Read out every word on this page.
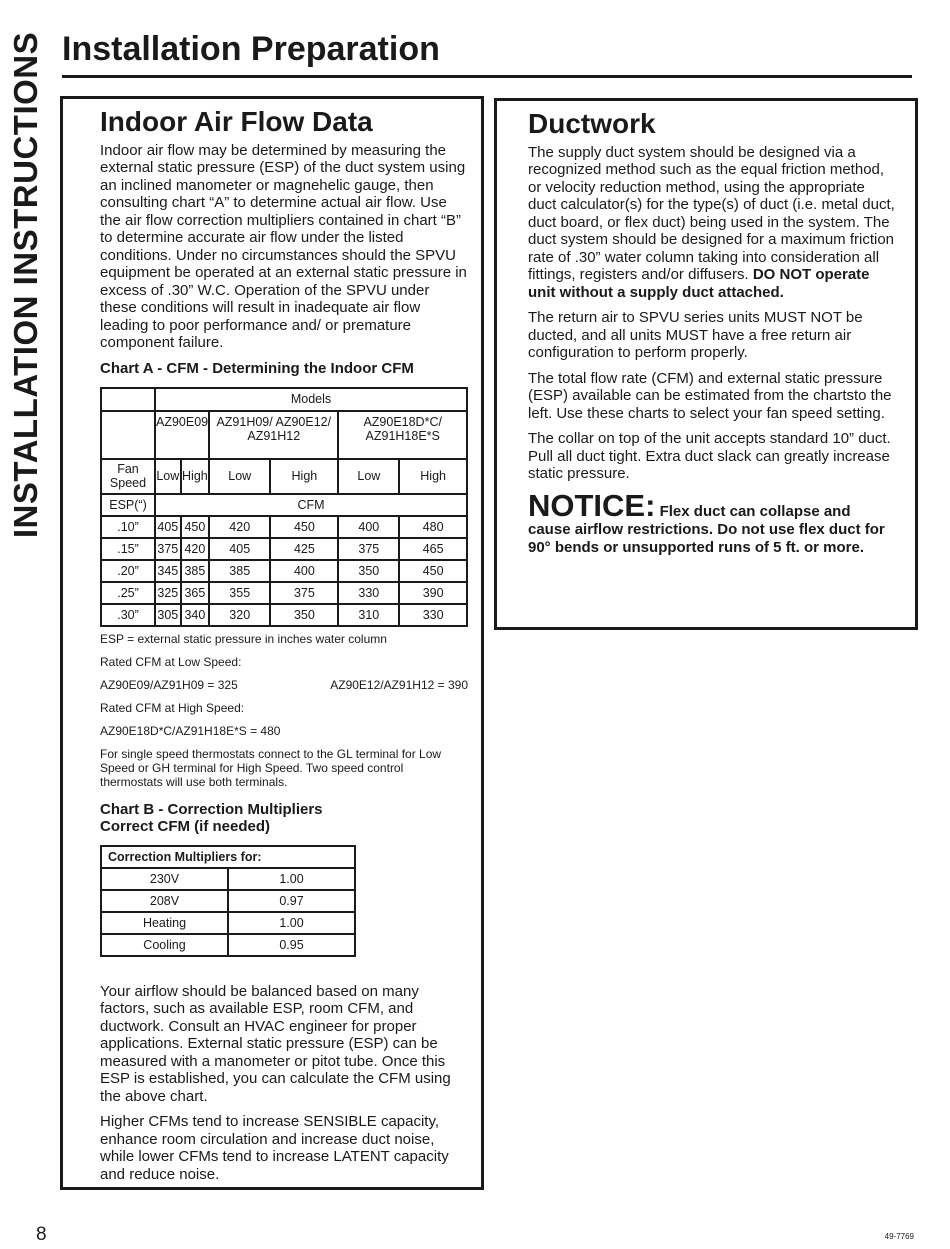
INSTALLATION INSTRUCTIONS Installation Preparation
Indoor Air Flow Data

Indoor air flow may be determined by measuring the external static pressure (ESP) of the duct system using an inclined manometer or magnehelic gauge, then consulting chart “A” to determine actual air flow. Use the air flow correction multipliers contained in chart “B” to determine accurate air flow under the listed conditions. Under no circumstances should the SPVU equipment be operated at an external static pressure in excess of .30” W.C. Operation of the SPVU under these conditions will result in inadequate air flow leading to poor performance and/ or premature component failure.

Chart A - CFM - Determining the Indoor CFM
	Models					
	AZ90E09		AZ91H09/ AZ90E12/ AZ91H12		AZ90E18D*C/ AZ91H18E*S	
Fan Speed	Low	High	Low	High	Low	High
ESP(“)	CFM					
.10”	405	450	420	450	400	480
.15”	375	420	405	425	375	465
.20”	345	385	385	400	350	450
.25”	325	365	355	375	330	390
.30”	305	340	320	350	310	330

ESP = external static pressure in inches water column

Rated CFM at Low Speed:

AZ90E09/AZ91H09 = 325	AZ90E12/AZ91H12 = 390

Rated CFM at High Speed:

AZ90E18D*C/AZ91H18E*S = 480

For single speed thermostats connect to the GL terminal for Low Speed or GH terminal for High Speed. Two speed control thermostats will use both terminals.

Chart B - Correction Multipliers
Correct CFM (if needed)
Correction Multipliers for:	
230V	1.00
208V	0.97
Heating	1.00
Cooling	0.95

Your airflow should be balanced based on many factors, such as available ESP, room CFM, and ductwork. Consult an HVAC engineer for proper applications. External static pressure (ESP) can be measured with a manometer or pitot tube. Once this ESP is established, you can calculate the CFM using the above chart.

Higher CFMs tend to increase SENSIBLE capacity, enhance room circulation and increase duct noise, while lower CFMs tend to increase LATENT capacity and reduce noise.

Ductwork

The supply duct system should be designed via a recognized method such as the equal friction method, or velocity reduction method, using the appropriate duct calculator(s) for the type(s) of duct (i.e. metal duct, duct board, or flex duct) being used in the system. The duct system should be designed for a maximum friction rate of .30” water column taking into consideration all fittings, registers and/or diffusers. DO NOT operate unit without a supply duct attached.

The return air to SPVU series units MUST NOT be ducted, and all units MUST have a free return air configuration to perform properly.

The total flow rate (CFM) and external static pressure (ESP) available can be estimated from the chartsto the left. Use these charts to select your fan speed setting.

The collar on top of the unit accepts standard 10” duct. Pull all duct tight. Extra duct slack can greatly increase static pressure.

NOTICE: Flex duct can collapse and cause airflow restrictions. Do not use flex duct for 90° bends or unsupported runs of 5 ft. or more.
8	49-7769
